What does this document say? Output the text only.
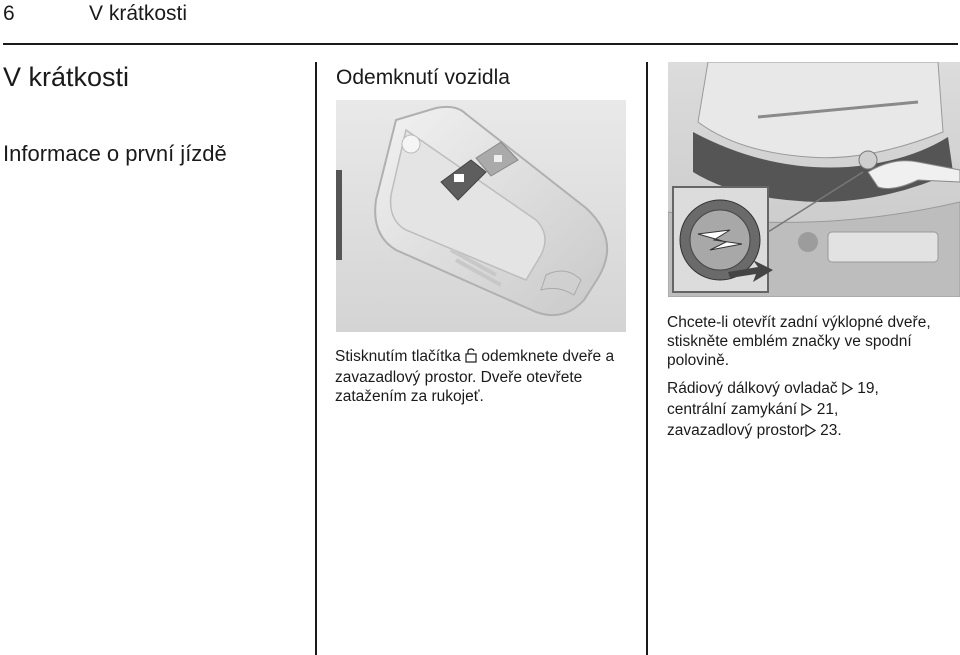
6	V krátkosti
V krátkosti
Informace o první jízdě
Odemknutí vozidla
Stisknutím tlačítka odemknete dveře a zavazadlový prostor. Dveře otevřete zatažením za rukojeť.

Chcete-li otevřít zadní výklopné dveře, stiskněte emblém značky ve spodní polovině.

Rádiový dálkový ovladač 19,
centrální zamykání 21,
zavazadlový prostor 23.
